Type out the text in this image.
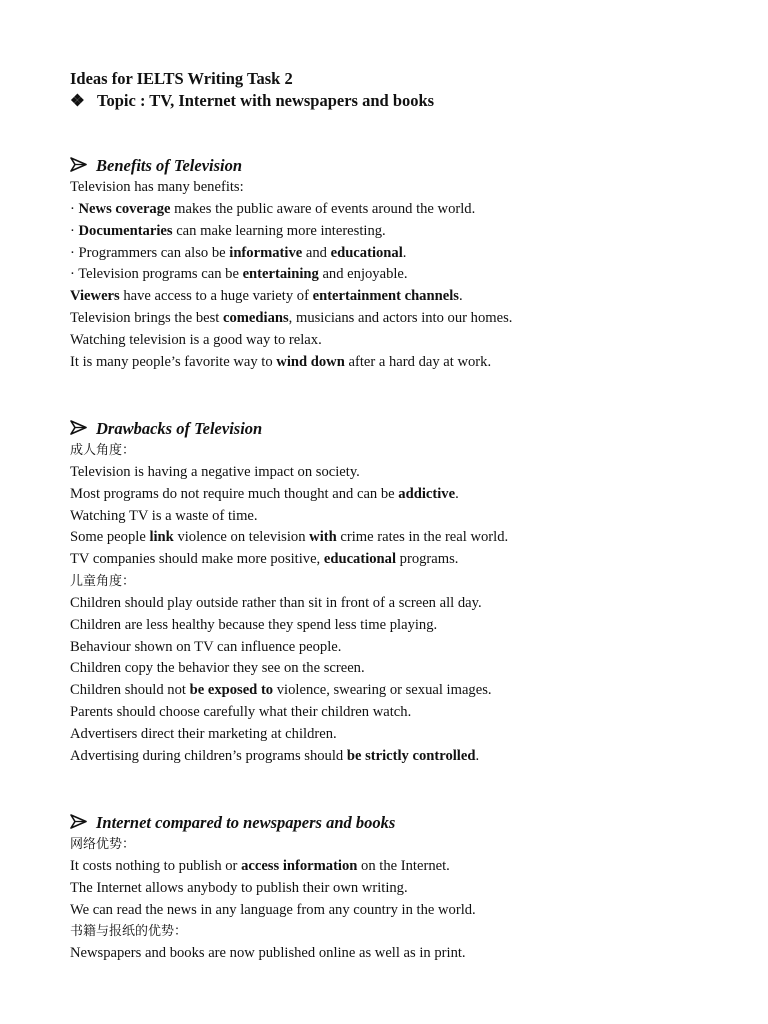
Ideas for IELTS Writing Task 2
❖ Topic : TV, Internet with newspapers and books
Benefits of Television
Television has many benefits:
· News coverage makes the public aware of events around the world.
· Documentaries can make learning more interesting.
· Programmers can also be informative and educational.
· Television programs can be entertaining and enjoyable.
Viewers have access to a huge variety of entertainment channels.
Television brings the best comedians, musicians and actors into our homes.
Watching television is a good way to relax.
It is many people’s favorite way to wind down after a hard day at work.
Drawbacks of Television
成人角度：
Television is having a negative impact on society.
Most programs do not require much thought and can be addictive.
Watching TV is a waste of time.
Some people link violence on television with crime rates in the real world.
TV companies should make more positive, educational programs.
儿童角度：
Children should play outside rather than sit in front of a screen all day.
Children are less healthy because they spend less time playing.
Behaviour shown on TV can influence people.
Children copy the behavior they see on the screen.
Children should not be exposed to violence, swearing or sexual images.
Parents should choose carefully what their children watch.
Advertisers direct their marketing at children.
Advertising during children’s programs should be strictly controlled.
Internet compared to newspapers and books
网络优势：
It costs nothing to publish or access information on the Internet.
The Internet allows anybody to publish their own writing.
We can read the news in any language from any country in the world.
书籍与报纸的优势：
Newspapers and books are now published online as well as in print.
